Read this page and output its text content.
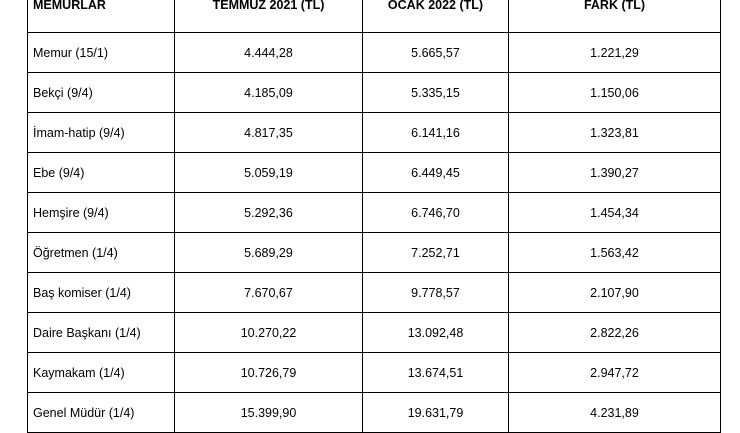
MEMURLAR	TEMMUZ 2021 (TL)	OCAK 2022 (TL)	FARK (TL)
Memur (15/1)	4.444,28	5.665,57	1.221,29
Bekçi (9/4)	4.185,09	5.335,15	1.150,06
İmam-hatip (9/4)	4.817,35	6.141,16	1.323,81
Ebe (9/4)	5.059,19	6.449,45	1.390,27
Hemşire (9/4)	5.292,36	6.746,70	1.454,34
Öğretmen (1/4)	5.689,29	7.252,71	1.563,42
Baş komiser (1/4)	7.670,67	9.778,57	2.107,90
Daire Başkanı (1/4)	10.270,22	13.092,48	2.822,26
Kaymakam (1/4)	10.726,79	13.674,51	2.947,72
Genel Müdür (1/4)	15.399,90	19.631,79	4.231,89
